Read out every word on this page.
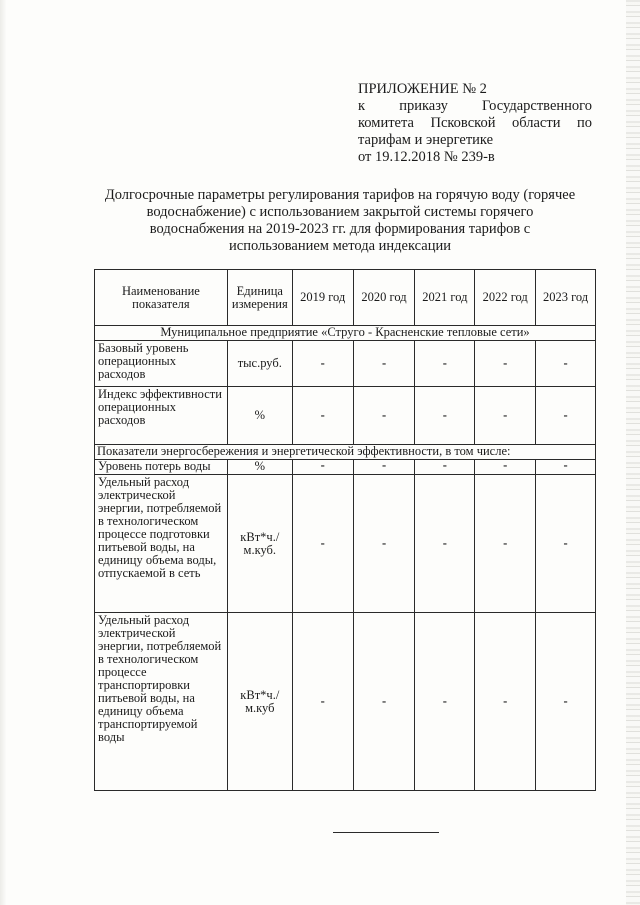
ПРИЛОЖЕНИЕ № 2
к приказу Государственного
комитета Псковской области по
тарифам и энергетике
от 19.12.2018 № 239-в
Долгосрочные параметры регулирования тарифов на горячую воду (горячее водоснабжение) с использованием закрытой системы горячего водоснабжения на 2019-2023 гг. для формирования тарифов с использованием метода индексации
Наименование показателя	Единица измерения	2019 год	2020 год	2021 год	2022 год	2023 год
Муниципальное предприятие «Стругo - Красненские тепловые сети»						
Базовый уровень операционных расходов	тыс.руб.	-	-	-	-	-
Индекс эффективности операционных расходов	%	-	-	-	-	-
Показатели энергосбережения и энергетической эффективности, в том числе:						
Уровень потерь воды	%	-	-	-	-	-
Удельный расход электрической энергии, потребляемой в технологическом процессе подготовки питьевой воды, на единицу объема воды, отпускаемой в сеть	кВт*ч./м.куб.	-	-	-	-	-
Удельный расход электрической энергии, потребляемой в технологическом процессе транспортировки питьевой воды, на единицу объема транспортируемой воды	кВт*ч./м.куб	-	-	-	-	-
